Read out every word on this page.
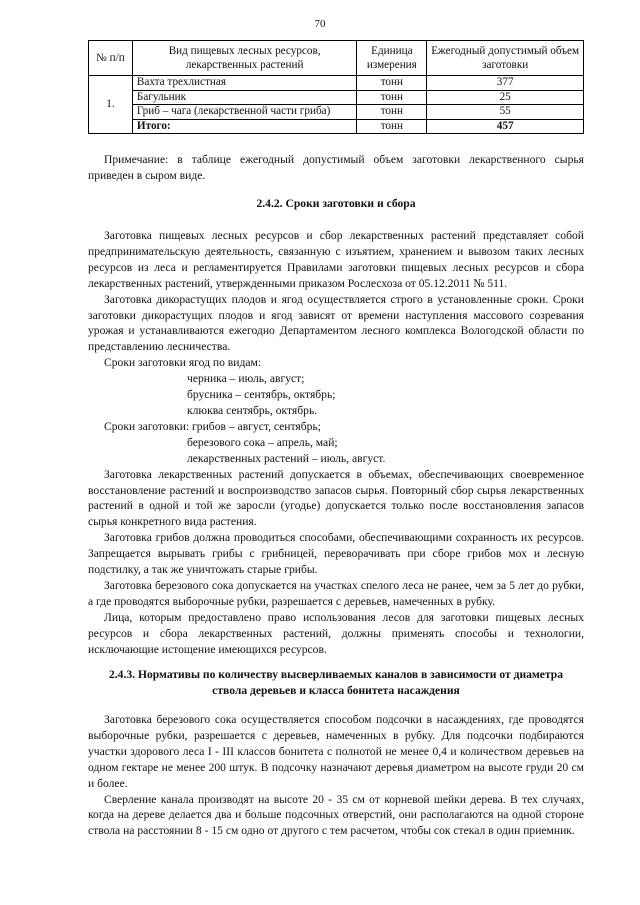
70
№ п/п	Вид пищевых лесных ресурсов, лекарственных растений	Единица измерения	Ежегодный допустимый объем заготовки
1.	Вахта трехлистная	тонн	377
	Багульник	тонн	25
	Гриб – чага (лекарственной части гриба)	тонн	55
	Итого:	тонн	457
Примечание: в таблице ежегодный допустимый объем заготовки лекарственного сырья приведен в сыром виде.
2.4.2. Сроки заготовки и сбора

Заготовка пищевых лесных ресурсов и сбор лекарственных растений представляет собой предпринимательскую деятельность, связанную с изъятием, хранением и вывозом таких лесных ресурсов из леса и регламентируется Правилами заготовки пищевых лесных ресурсов и сбора лекарственных растений, утвержденными приказом Рослесхоза от 05.12.2011 № 511.

Заготовка дикорастущих плодов и ягод осуществляется строго в установленные сроки. Сроки заготовки дикорастущих плодов и ягод зависят от времени наступления массового созревания урожая и устанавливаются ежегодно Департаментом лесного комплекса Вологодской области по представлению лесничества.

Сроки заготовки ягод по видам:

черника – июль, август;

брусника – сентябрь, октябрь;

клюква сентябрь, октябрь.

Сроки заготовки: грибов – август, сентябрь;

березового сока – апрель, май;

лекарственных растений – июль, август.

Заготовка лекарственных растений допускается в объемах, обеспечивающих своевременное восстановление растений и воспроизводство запасов сырья. Повторный сбор сырья лекарственных растений в одной и той же заросли (угодье) допускается только после восстановления запасов сырья конкретного вида растения.

Заготовка грибов должна проводиться способами, обеспечивающими сохранность их ресурсов. Запрещается вырывать грибы с грибницей, переворачивать при сборе грибов мох и лесную подстилку, а так же уничтожать старые грибы.

Заготовка березового сока допускается на участках спелого леса не ранее, чем за 5 лет до рубки, а где проводятся выборочные рубки, разрешается с деревьев, намеченных в рубку.

Лица, которым предоставлено право использования лесов для заготовки пищевых лесных ресурсов и сбора лекарственных растений, должны применять способы и технологии, исключающие истощение имеющихся ресурсов.

2.4.3. Нормативы по количеству высверливаемых каналов в зависимости от диаметра
ствола деревьев и класса бонитета насаждения

Заготовка березового сока осуществляется способом подсочки в насаждениях, где проводятся выборочные рубки, разрешается с деревьев, намеченных в рубку. Для подсочки подбираются участки здорового леса I - III классов бонитета с полнотой не менее 0,4 и количеством деревьев на одном гектаре не менее 200 штук. В подсочку назначают деревья диаметром на высоте груди 20 см и более.

Сверление канала производят на высоте 20 - 35 см от корневой шейки дерева. В тех случаях, когда на дереве делается два и больше подсочных отверстий, они располагаются на одной стороне ствола на расстоянии 8 - 15 см одно от другого с тем расчетом, чтобы сок стекал в один приемник.
